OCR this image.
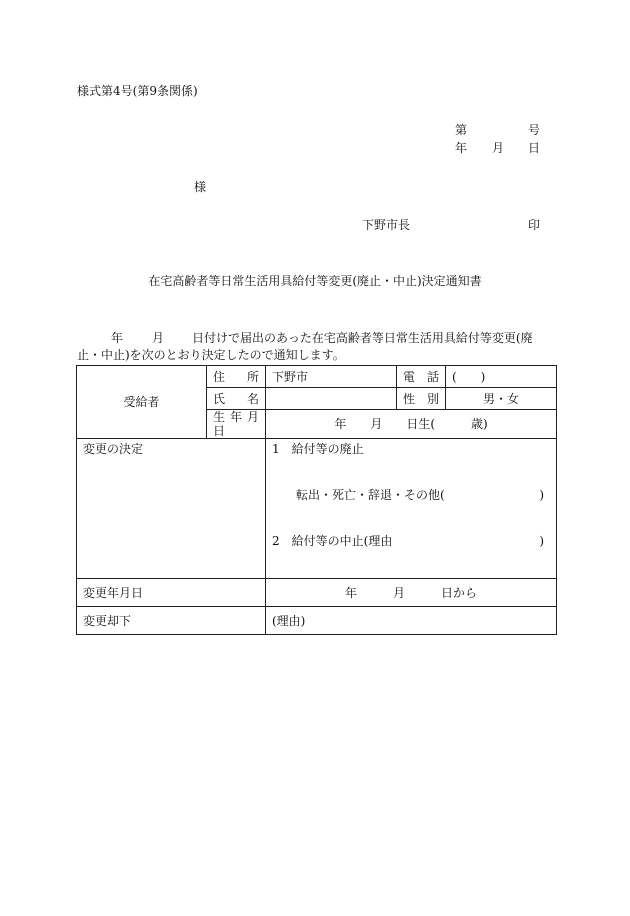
様式第4号(第9条関係)
第	号
年 月 日
様
下野市長	印
在宅高齢者等日常生活用具給付等変更(廃止・中止)決定通知書
年 月 日付けで届出のあった在宅高齢者等日常生活用具給付等変更(廃止・中止)を次のとおり決定したので通知します。
受給者	住　所	下野市	電　話	(　　)
	氏　名		性 別	男・女
	生年月日	年　　月　　日生(　　　歳)		
変更の決定		1　給付等の廃止
転出・死亡・辞退・その他( )
2　給付等の中止(理由 )		

変更年月日		年　　　月　　　日から		
変更却下		(理由)		
